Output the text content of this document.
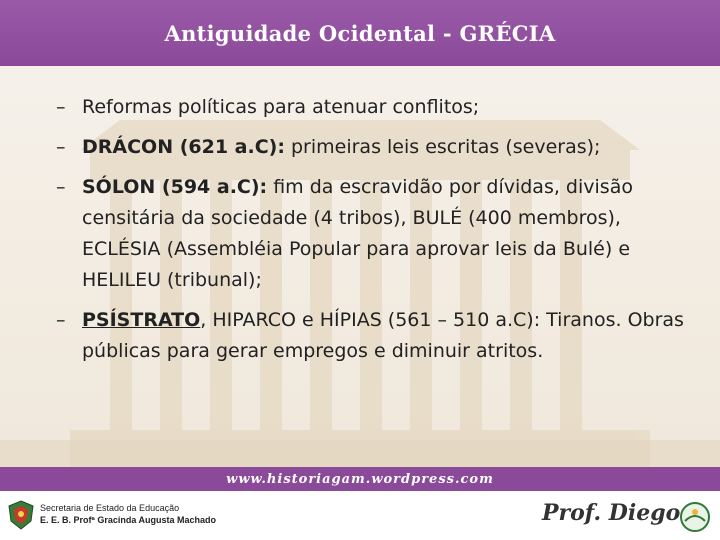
Antiguidade Ocidental - GRÉCIA
– Reformas políticas para atenuar conflitos;
– DRÁCON (621 a.C): primeiras leis escritas (severas);
– SÓLON (594 a.C): fim da escravidão por dívidas, divisão censitária da sociedade (4 tribos), BULÉ (400 membros), ECLÉSIA (Assembléia Popular para aprovar leis da Bulé) e HELILEU (tribunal);
– PSÍSTRATO, HIPARCO e HÍPIAS (561 – 510 a.C): Tiranos. Obras públicas para gerar empregos e diminuir atritos.
www.historiagam.wordpress.com
Secretaria de Estado da Educação
E. E. B. Profª Gracinda Augusta Machado	Prof. Diego
